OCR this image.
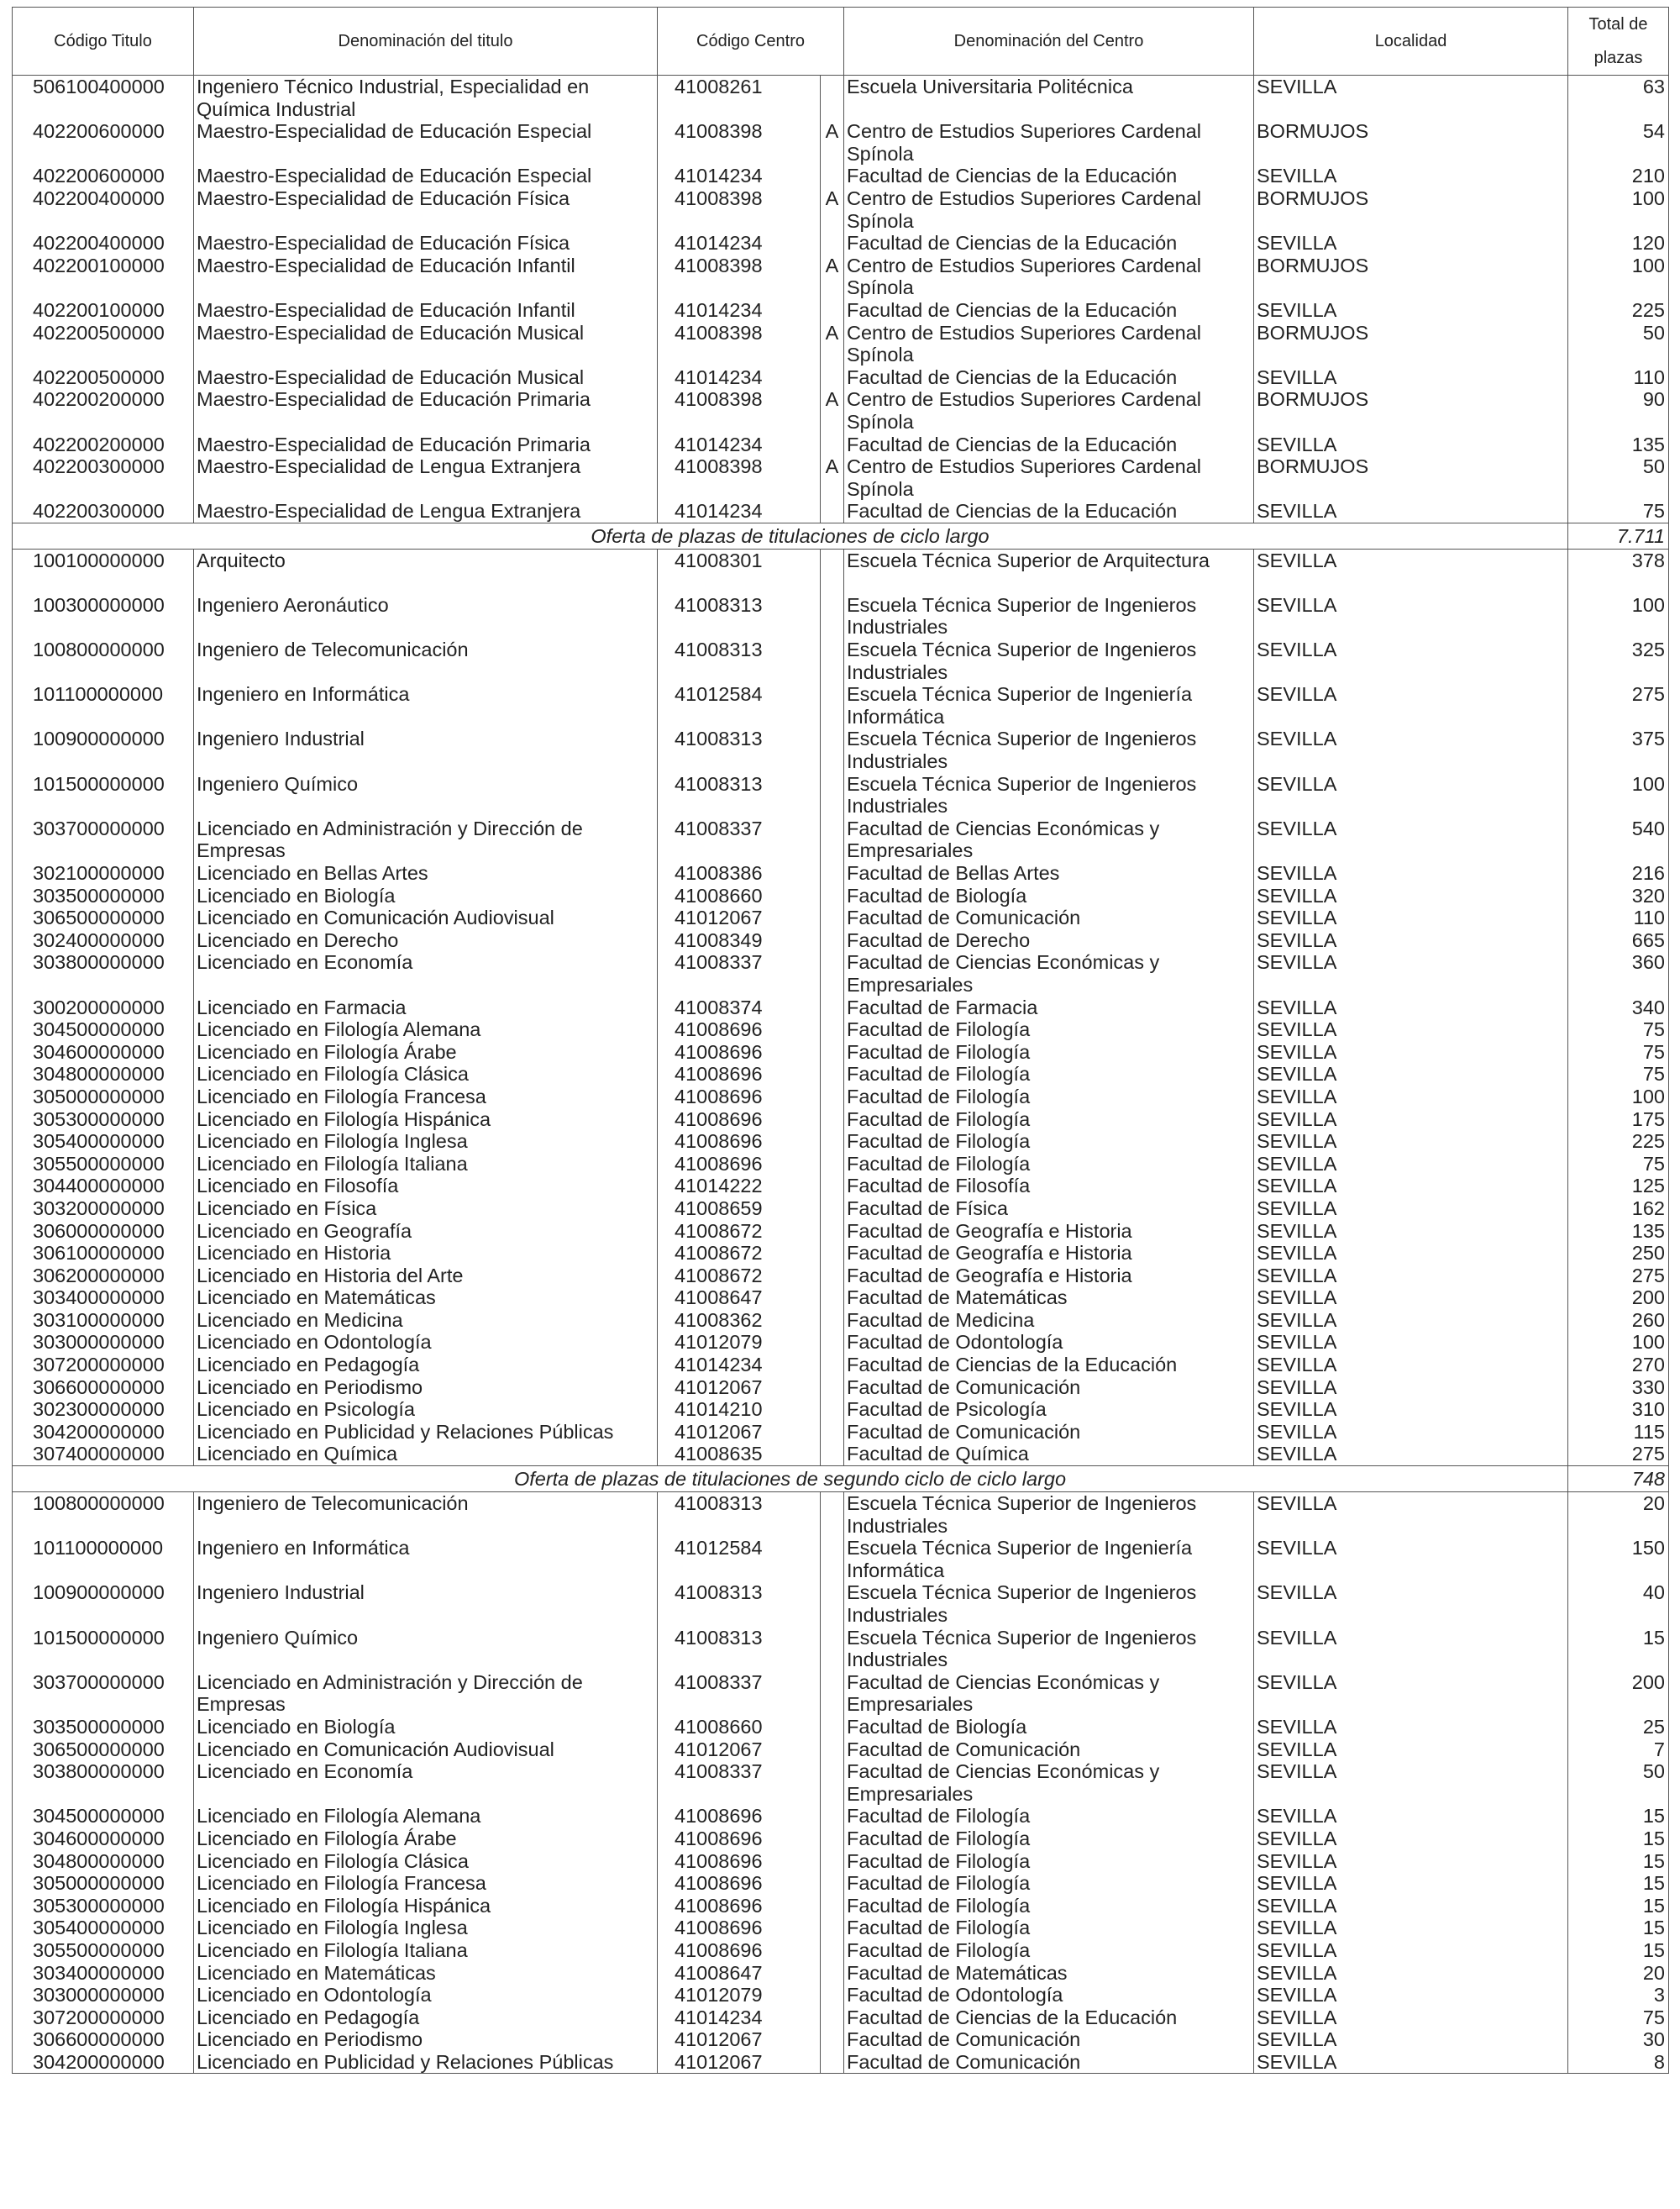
Código Titulo	Denominación del titulo	Código Centro		Denominación del Centro	Localidad	Total de plazas
506100400000	Ingeniero Técnico Industrial, Especialidad en Química Industrial	41008261		Escuela Universitaria Politécnica	SEVILLA	63
402200600000	Maestro-Especialidad de Educación Especial	41008398	A	Centro de Estudios Superiores Cardenal Spínola	BORMUJOS	54
402200600000	Maestro-Especialidad de Educación Especial	41014234		Facultad de Ciencias de la Educación	SEVILLA	210
402200400000	Maestro-Especialidad de Educación Física	41008398	A	Centro de Estudios Superiores Cardenal Spínola	BORMUJOS	100
402200400000	Maestro-Especialidad de Educación Física	41014234		Facultad de Ciencias de la Educación	SEVILLA	120
402200100000	Maestro-Especialidad de Educación Infantil	41008398	A	Centro de Estudios Superiores Cardenal Spínola	BORMUJOS	100
402200100000	Maestro-Especialidad de Educación Infantil	41014234		Facultad de Ciencias de la Educación	SEVILLA	225
402200500000	Maestro-Especialidad de Educación Musical	41008398	A	Centro de Estudios Superiores Cardenal Spínola	BORMUJOS	50
402200500000	Maestro-Especialidad de Educación Musical	41014234		Facultad de Ciencias de la Educación	SEVILLA	110
402200200000	Maestro-Especialidad de Educación Primaria	41008398	A	Centro de Estudios Superiores Cardenal Spínola	BORMUJOS	90
402200200000	Maestro-Especialidad de Educación Primaria	41014234		Facultad de Ciencias de la Educación	SEVILLA	135
402200300000	Maestro-Especialidad de Lengua Extranjera	41008398	A	Centro de Estudios Superiores Cardenal Spínola	BORMUJOS	50
402200300000	Maestro-Especialidad de Lengua Extranjera	41014234		Facultad de Ciencias de la Educación	SEVILLA	75
Oferta de plazas de titulaciones de ciclo largo						7.711
100100000000	Arquitecto	41008301		Escuela Técnica Superior de Arquitectura	SEVILLA	378
100300000000	Ingeniero Aeronáutico	41008313		Escuela Técnica Superior de Ingenieros Industriales	SEVILLA	100
100800000000	Ingeniero de Telecomunicación	41008313		Escuela Técnica Superior de Ingenieros Industriales	SEVILLA	325
101100000000	Ingeniero en Informática	41012584		Escuela Técnica Superior de Ingeniería Informática	SEVILLA	275
100900000000	Ingeniero Industrial	41008313		Escuela Técnica Superior de Ingenieros Industriales	SEVILLA	375
101500000000	Ingeniero Químico	41008313		Escuela Técnica Superior de Ingenieros Industriales	SEVILLA	100
303700000000	Licenciado en Administración y Dirección de Empresas	41008337		Facultad de Ciencias Económicas y Empresariales	SEVILLA	540
302100000000	Licenciado en Bellas Artes	41008386		Facultad de Bellas Artes	SEVILLA	216
303500000000	Licenciado en Biología	41008660		Facultad de Biología	SEVILLA	320
306500000000	Licenciado en Comunicación Audiovisual	41012067		Facultad de Comunicación	SEVILLA	110
302400000000	Licenciado en Derecho	41008349		Facultad de Derecho	SEVILLA	665
303800000000	Licenciado en Economía	41008337		Facultad de Ciencias Económicas y Empresariales	SEVILLA	360
300200000000	Licenciado en Farmacia	41008374		Facultad de Farmacia	SEVILLA	340
304500000000	Licenciado en Filología Alemana	41008696		Facultad de Filología	SEVILLA	75
304600000000	Licenciado en Filología Árabe	41008696		Facultad de Filología	SEVILLA	75
304800000000	Licenciado en Filología Clásica	41008696		Facultad de Filología	SEVILLA	75
305000000000	Licenciado en Filología Francesa	41008696		Facultad de Filología	SEVILLA	100
305300000000	Licenciado en Filología Hispánica	41008696		Facultad de Filología	SEVILLA	175
305400000000	Licenciado en Filología Inglesa	41008696		Facultad de Filología	SEVILLA	225
305500000000	Licenciado en Filología Italiana	41008696		Facultad de Filología	SEVILLA	75
304400000000	Licenciado en Filosofía	41014222		Facultad de Filosofía	SEVILLA	125
303200000000	Licenciado en Física	41008659		Facultad de Física	SEVILLA	162
306000000000	Licenciado en Geografía	41008672		Facultad de Geografía e Historia	SEVILLA	135
306100000000	Licenciado en Historia	41008672		Facultad de Geografía e Historia	SEVILLA	250
306200000000	Licenciado en Historia del Arte	41008672		Facultad de Geografía e Historia	SEVILLA	275
303400000000	Licenciado en Matemáticas	41008647		Facultad de Matemáticas	SEVILLA	200
303100000000	Licenciado en Medicina	41008362		Facultad de Medicina	SEVILLA	260
303000000000	Licenciado en Odontología	41012079		Facultad de Odontología	SEVILLA	100
307200000000	Licenciado en Pedagogía	41014234		Facultad de Ciencias de la Educación	SEVILLA	270
306600000000	Licenciado en Periodismo	41012067		Facultad de Comunicación	SEVILLA	330
302300000000	Licenciado en Psicología	41014210		Facultad de Psicología	SEVILLA	310
304200000000	Licenciado en Publicidad y Relaciones Públicas	41012067		Facultad de Comunicación	SEVILLA	115
307400000000	Licenciado en Química	41008635		Facultad de Química	SEVILLA	275
Oferta de plazas de titulaciones de segundo ciclo de ciclo largo						748
100800000000	Ingeniero de Telecomunicación	41008313		Escuela Técnica Superior de Ingenieros Industriales	SEVILLA	20
101100000000	Ingeniero en Informática	41012584		Escuela Técnica Superior de Ingeniería Informática	SEVILLA	150
100900000000	Ingeniero Industrial	41008313		Escuela Técnica Superior de Ingenieros Industriales	SEVILLA	40
101500000000	Ingeniero Químico	41008313		Escuela Técnica Superior de Ingenieros Industriales	SEVILLA	15
303700000000	Licenciado en Administración y Dirección de Empresas	41008337		Facultad de Ciencias Económicas y Empresariales	SEVILLA	200
303500000000	Licenciado en Biología	41008660		Facultad de Biología	SEVILLA	25
306500000000	Licenciado en Comunicación Audiovisual	41012067		Facultad de Comunicación	SEVILLA	7
303800000000	Licenciado en Economía	41008337		Facultad de Ciencias Económicas y Empresariales	SEVILLA	50
304500000000	Licenciado en Filología Alemana	41008696		Facultad de Filología	SEVILLA	15
304600000000	Licenciado en Filología Árabe	41008696		Facultad de Filología	SEVILLA	15
304800000000	Licenciado en Filología Clásica	41008696		Facultad de Filología	SEVILLA	15
305000000000	Licenciado en Filología Francesa	41008696		Facultad de Filología	SEVILLA	15
305300000000	Licenciado en Filología Hispánica	41008696		Facultad de Filología	SEVILLA	15
305400000000	Licenciado en Filología Inglesa	41008696		Facultad de Filología	SEVILLA	15
305500000000	Licenciado en Filología Italiana	41008696		Facultad de Filología	SEVILLA	15
303400000000	Licenciado en Matemáticas	41008647		Facultad de Matemáticas	SEVILLA	20
303000000000	Licenciado en Odontología	41012079		Facultad de Odontología	SEVILLA	3
307200000000	Licenciado en Pedagogía	41014234		Facultad de Ciencias de la Educación	SEVILLA	75
306600000000	Licenciado en Periodismo	41012067		Facultad de Comunicación	SEVILLA	30
304200000000	Licenciado en Publicidad y Relaciones Públicas	41012067		Facultad de Comunicación	SEVILLA	8
